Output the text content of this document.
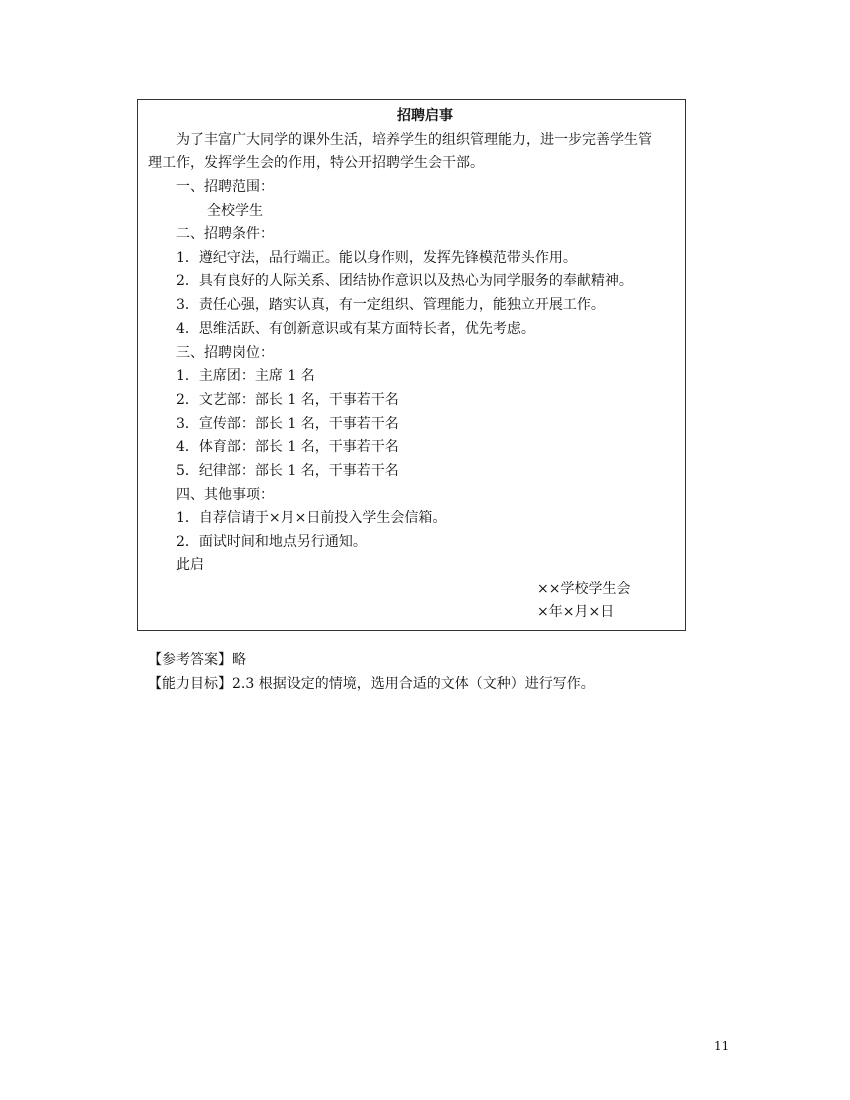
招聘启事
为了丰富广大同学的课外生活，培养学生的组织管理能力，进一步完善学生管
理工作，发挥学生会的作用，特公开招聘学生会干部。
一、招聘范围：
全校学生
二、招聘条件：
1．遵纪守法，品行端正。能以身作则，发挥先锋模范带头作用。
2．具有良好的人际关系、团结协作意识以及热心为同学服务的奉献精神。
3．责任心强，踏实认真，有一定组织、管理能力，能独立开展工作。
4．思维活跃、有创新意识或有某方面特长者，优先考虑。
三、招聘岗位：
1．主席团：主席 1 名
2．文艺部：部长 1 名，干事若干名
3．宣传部：部长 1 名，干事若干名
4．体育部：部长 1 名，干事若干名
5．纪律部：部长 1 名，干事若干名
四、其他事项：
1．自荐信请于×月×日前投入学生会信箱。
2．面试时间和地点另行通知。
此启
××学校学生会
×年×月×日
【参考答案】略
【能力目标】2.3 根据设定的情境，选用合适的文体（文种）进行写作。
11
